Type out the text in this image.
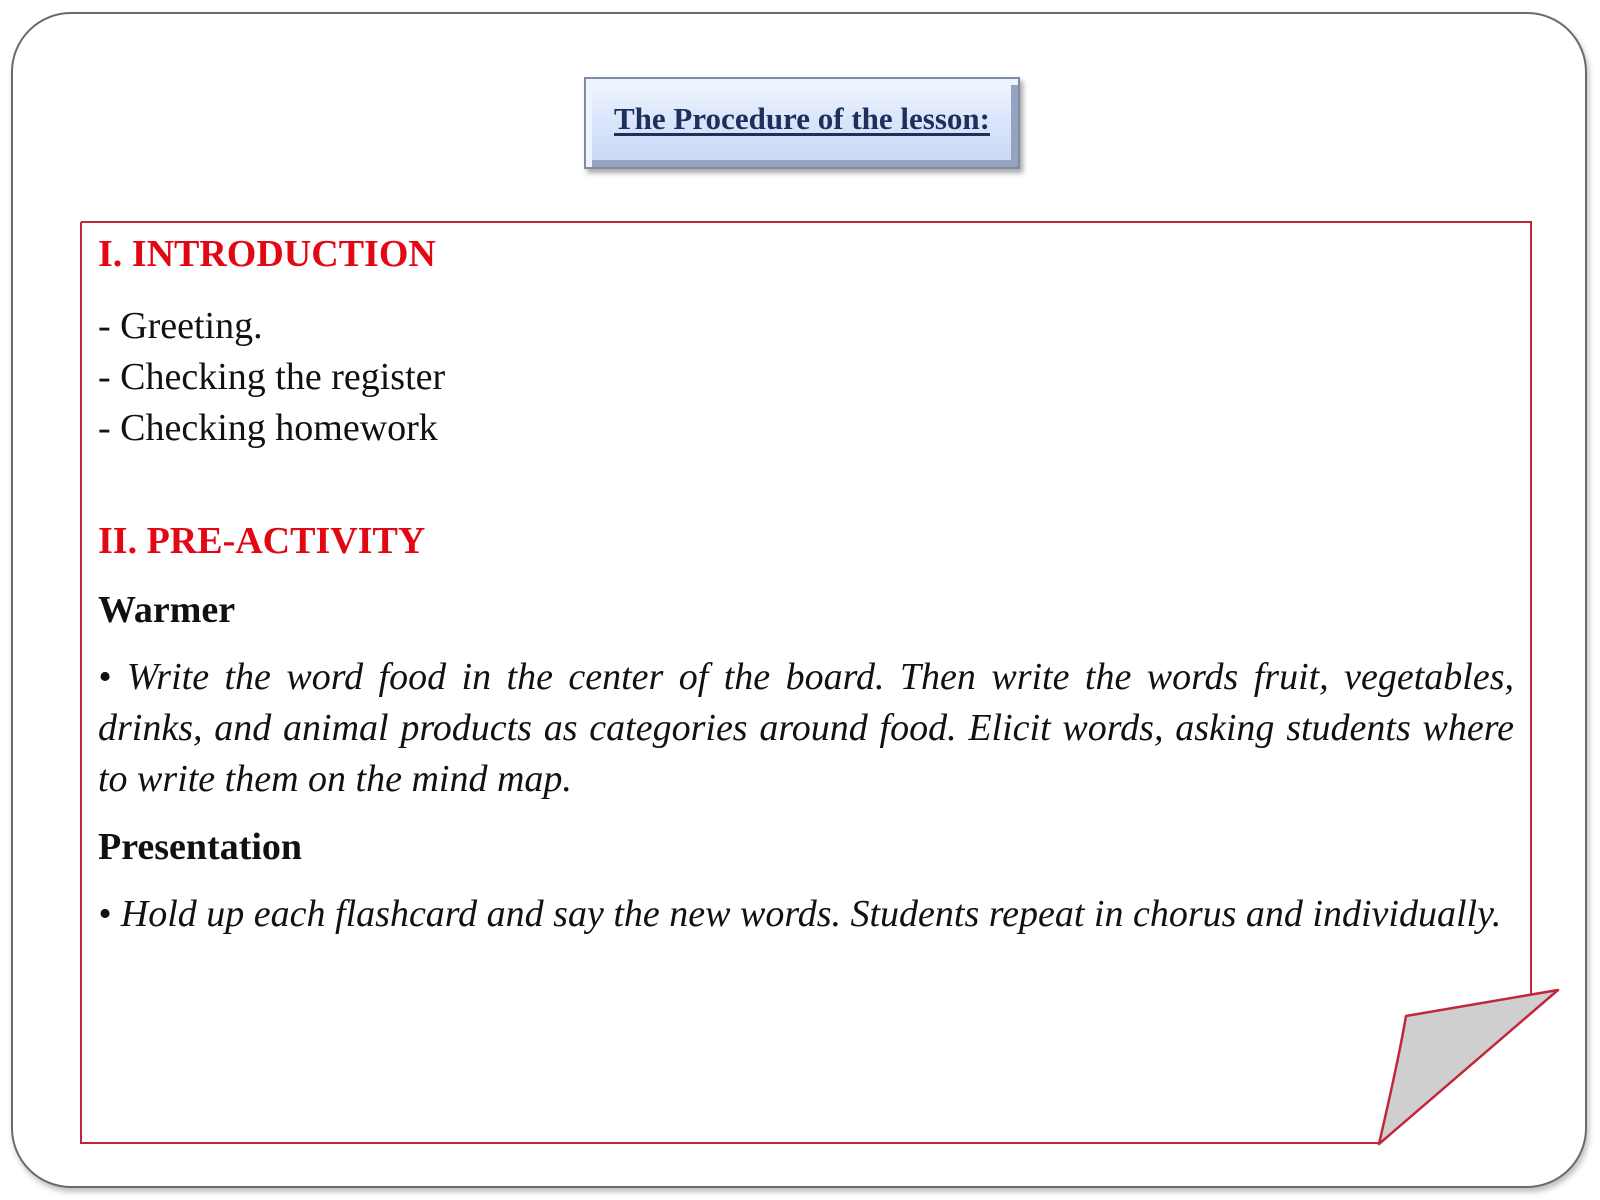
The Procedure of the lesson:
I. INTRODUCTION

- Greeting.

- Checking the register

- Checking homework

II. PRE-ACTIVITY
Warmer

• Write the word food in the center of the board. Then write the words fruit, vegetables, drinks, and animal products as categories around food. Elicit words, asking students where to write them on the mind map.

Presentation

• Hold up each flashcard and say the new words. Students repeat in chorus and individually.
